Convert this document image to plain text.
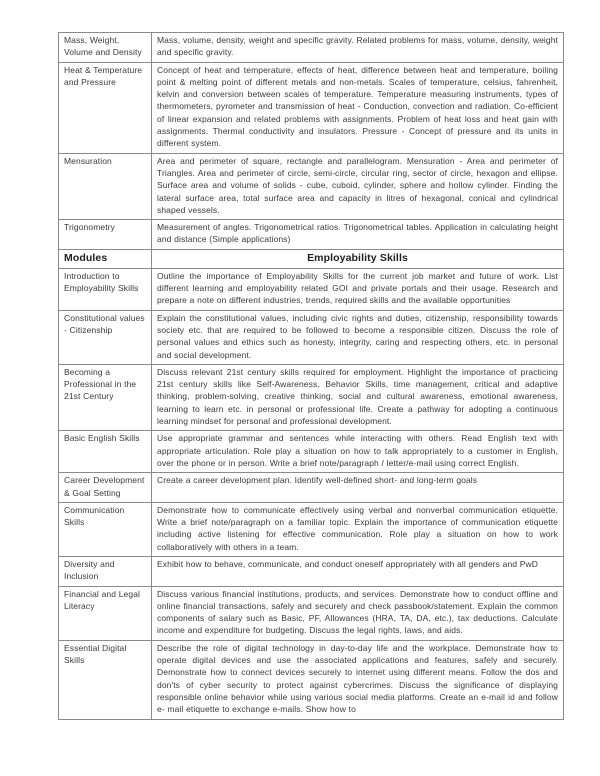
Mass, Weight, Volume and Density	Mass, volume, density, weight and specific gravity. Related problems for mass, volume, density, weight and specific gravity.
Heat & Temperature and Pressure	Concept of heat and temperature, effects of heat, difference between heat and temperature, boiling point & melting point of different metals and non-metals. Scales of temperature, celsius, fahrenheit, kelvin and conversion between scales of temperature. Temperature measuring instruments, types of thermometers, pyrometer and transmission of heat - Conduction, convection and radiation. Co-efficient of linear expansion and related problems with assignments. Problem of heat loss and heat gain with assignments. Thermal conductivity and insulators. Pressure - Concept of pressure and its units in different system.
Mensuration	Area and perimeter of square, rectangle and parallelogram. Mensuration - Area and perimeter of Triangles. Area and perimeter of circle, semi-circle, circular ring, sector of circle, hexagon and ellipse. Surface area and volume of solids - cube, cuboid, cylinder, sphere and hollow cylinder. Finding the lateral surface area, total surface area and capacity in litres of hexagonal, conical and cylindrical shaped vessels.
Trigonometry	Measurement of angles. Trigonometrical ratios. Trigonometrical tables. Application in calculating height and distance (Simple applications)
Modules	Employability Skills
Introduction to Employability Skills	Outline the importance of Employability Skills for the current job market and future of work. List different learning and employability related GOI and private portals and their usage. Research and prepare a note on different industries, trends, required skills and the available opportunities
Constitutional values - Citizenship	Explain the constitutional values, including civic rights and duties, citizenship, responsibility towards society etc. that are required to be followed to become a responsible citizen. Discuss the role of personal values and ethics such as honesty, integrity, caring and respecting others, etc. in personal and social development.
Becoming a Professional in the 21st Century	Discuss relevant 21st century skills required for employment. Highlight the importance of practicing 21st century skills like Self-Awareness, Behavior Skills, time management, critical and adaptive thinking, problem-solving, creative thinking, social and cultural awareness, emotional awareness, learning to learn etc. in personal or professional life. Create a pathway for adopting a continuous learning mindset for personal and professional development.
Basic English Skills	Use appropriate grammar and sentences while interacting with others. Read English text with appropriate articulation. Role play a situation on how to talk appropriately to a customer in English, over the phone or in person. Write a brief note/paragraph / letter/e-mail using correct English.
Career Development & Goal Setting	Create a career development plan. Identify well-defined short- and long-term goals
Communication Skills	Demonstrate how to communicate effectively using verbal and nonverbal communication etiquette. Write a brief note/paragraph on a familiar topic. Explain the importance of communication etiquette including active listening for effective communication. Role play a situation on how to work collaboratively with others in a team.
Diversity and Inclusion	Exhibit how to behave, communicate, and conduct oneself appropriately with all genders and PwD
Financial and Legal Literacy	Discuss various financial institutions, products, and services. Demonstrate how to conduct offline and online financial transactions, safely and securely and check passbook/statement. Explain the common components of salary such as Basic, PF, Allowances (HRA, TA, DA, etc.), tax deductions. Calculate income and expenditure for budgeting. Discuss the legal rights, laws, and aids.
Essential Digital Skills	Describe the role of digital technology in day-to-day life and the workplace. Demonstrate how to operate digital devices and use the associated applications and features, safely and securely. Demonstrate how to connect devices securely to internet using different means. Follow the dos and don'ts of cyber security to protect against cybercrimes. Discuss the significance of displaying responsible online behavior while using various social media platforms. Create an e-mail id and follow e- mail etiquette to exchange e-mails. Show how to
